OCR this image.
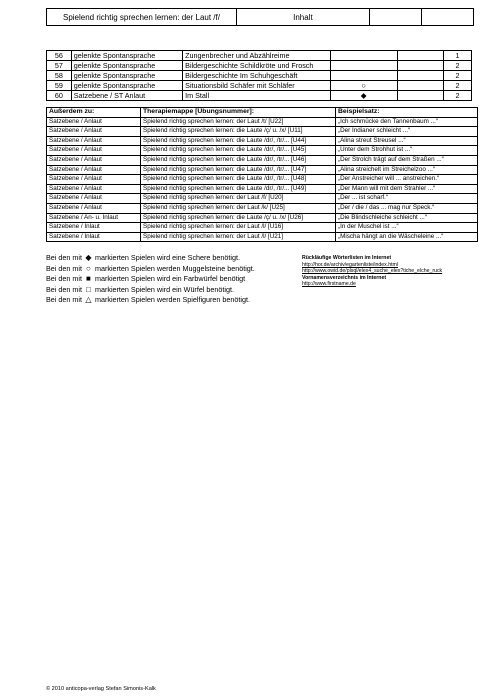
Spielend richtig sprechen lernen: der Laut /f/	Inhalt		
56	gelenkte Spontansprache	Zungenbrecher und Abzählreime			1
57	gelenkte Spontansprache	Bildergeschichte Schildkröte und Frosch			2
58	gelenkte Spontansprache	Bildergeschichte Im Schuhgeschäft			2
59	gelenkte Spontansprache	Situationsbild Schäfer mit Schläfer	○		2
60	Satzebene / ST Anlaut	Im Stall	◆		2
Außerdem zu:	Therapiemappe [Übungsnummer]:	Beispielsatz:
Satzebene / Anlaut	Spielend richtig sprechen lernen: der Laut /t/ [U22]	„Ich schmücke den Tannenbaum ...“
Satzebene / Anlaut	Spielend richtig sprechen lernen: die Laute /ç/ u. /x/ [U11]	„Der Indianer schleicht ...“
Satzebene / Anlaut	Spielend richtig sprechen lernen: die Laute /dr/, /tr/... [U44]	„Alina streut Streusel ...“
Satzebene / Anlaut	Spielend richtig sprechen lernen: die Laute /dr/, /tr/... [U45]	„Unter dem Strohhut ist ...“
Satzebene / Anlaut	Spielend richtig sprechen lernen: die Laute /dr/, /tr/... [U46]	„Der Strolch trägt auf dem Straßen ...“
Satzebene / Anlaut	Spielend richtig sprechen lernen: die Laute /dr/, /tr/... [U47]	„Alina streichelt im Streichelzoo ...“
Satzebene / Anlaut	Spielend richtig sprechen lernen: die Laute /dr/, /tr/... [U48]	„Der Anstreicher will ... anstreichen.“
Satzebene / Anlaut	Spielend richtig sprechen lernen: die Laute /dr/, /tr/... [U49]	„Der Mann will mit dem Strahler ...“
Satzebene / Anlaut	Spielend richtig sprechen lernen: der Laut /f/ [U20]	„Der ... ist scharf.“
Satzebene / Anlaut	Spielend richtig sprechen lernen: der Laut /k/ [U25]	„Der / die / das ... mag nur Speck.“
Satzebene / An- u. Inlaut	Spielend richtig sprechen lernen: die Laute /ç/ u. /x/ [U26]	„Die Blindschleiche schleicht ...“
Satzebene / Inlaut	Spielend richtig sprechen lernen: der Laut /l/ [U16]	„In der Muschel ist ...“
Satzebene / Inlaut	Spielend richtig sprechen lernen: der Laut /l/ [U21]	„Mischa hängt an die Wäscheleine ...“
Bei den mit ◆ markierten Spielen wird eine Schere benötigt.
Bei den mit ○ markierten Spielen werden Muggelsteine benötigt.
Bei den mit ■ markierten Spielen wird ein Farbwürfel benötigt
Bei den mit □ markierten Spielen wird ein Würfel benötigt.
Bei den mit △ markierten Spielen werden Spielfiguren benötigt.
Rückläufige Wörterlisten im Internet
http://hor.de/archiv/egartenliste/index.html
http://www.owid.de/plsql/elex4_suche_elex?tiche_elche_ruck
Vornamensverzeichnis im Internet
http://www.firstname.de
© 2010 anticopa-verlag Stefan Simonis-Kalk
